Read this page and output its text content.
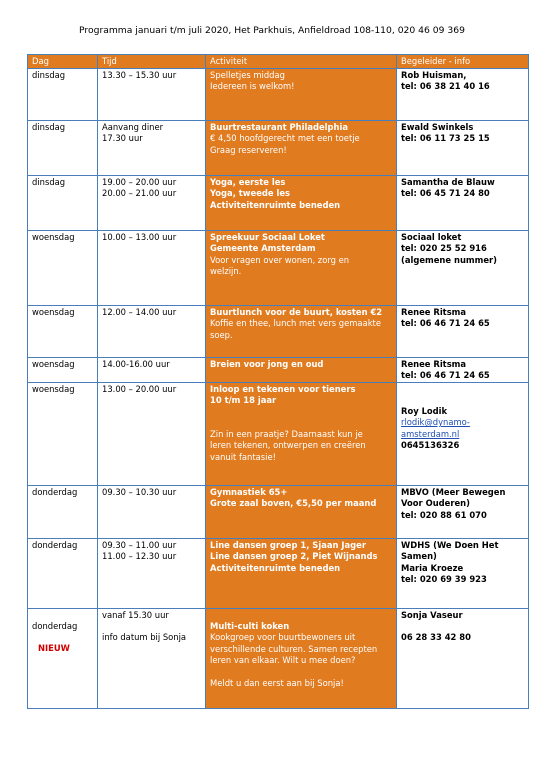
Programma januari t/m juli 2020, Het Parkhuis, Anfieldroad 108-110, 020 46 09 369
Dag	Tijd	Activiteit	Begeleider - info

dinsdag	13.30 – 15.30 uur	Spelletjes middag
Iedereen is welkom!	Rob Huisman,
tel: 06 38 21 40 16

dinsdag	Aanvang diner
17.30 uur	Buurtrestaurant Philadelphia
€ 4,50 hoofdgerecht met een toetje
Graag reserveren!	Ewald Swinkels
tel: 06 11 73 25 15

dinsdag	19.00 – 20.00 uur
20.00 – 21.00 uur	Yoga, eerste les
Yoga, tweede les
Activiteitenruimte beneden	Samantha de Blauw
tel: 06 45 71 24 80

woensdag	10.00 – 13.00 uur	Spreekuur Sociaal Loket
Gemeente Amsterdam
Voor vragen over wonen, zorg en
welzijn.	Sociaal loket
tel: 020 25 52 916
(algemene nummer)

woensdag	12.00 – 14.00 uur	Buurtlunch voor de buurt, kosten €2
Koffie en thee, lunch met vers gemaakte
soep.	Renee Ritsma
tel: 06 46 71 24 65

woensdag	14.00-16.00 uur	Breien voor jong en oud	Renee Ritsma
tel: 06 46 71 24 65

woensdag	13.00 – 20.00 uur	Inloop en tekenen voor tieners
10 t/m 18 jaar
Zin in een praatje? Daarnaast kun je
leren tekenen, ontwerpen en creëren
vanuit fantasie!	Roy Lodik
rlodik@dynamo-
amsterdam.nl
0645136326

donderdag	09.30 – 10.30 uur	Gymnastiek 65+
Grote zaal boven, €5,50 per maand	MBVO (Meer Bewegen
Voor Ouderen)
tel: 020 88 61 070

donderdag	09.30 – 11.00 uur
11.00 – 12.30 uur	Line dansen groep 1, Sjaan Jager
Line dansen groep 2, Piet Wijnands
Activiteitenruimte beneden	WDHS (We Doen Het
Samen)
Maria Kroeze
tel: 020 69 39 923

donderdag
NIEUW	vanaf 15.30 uur
info datum bij Sonja	Multi-culti koken
Kookgroep voor buurtbewoners uit
verschillende culturen. Samen recepten
leren van elkaar. Wilt u mee doen?
Meldt u dan eerst aan bij Sonja!	Sonja Vaseur
06 28 33 42 80
